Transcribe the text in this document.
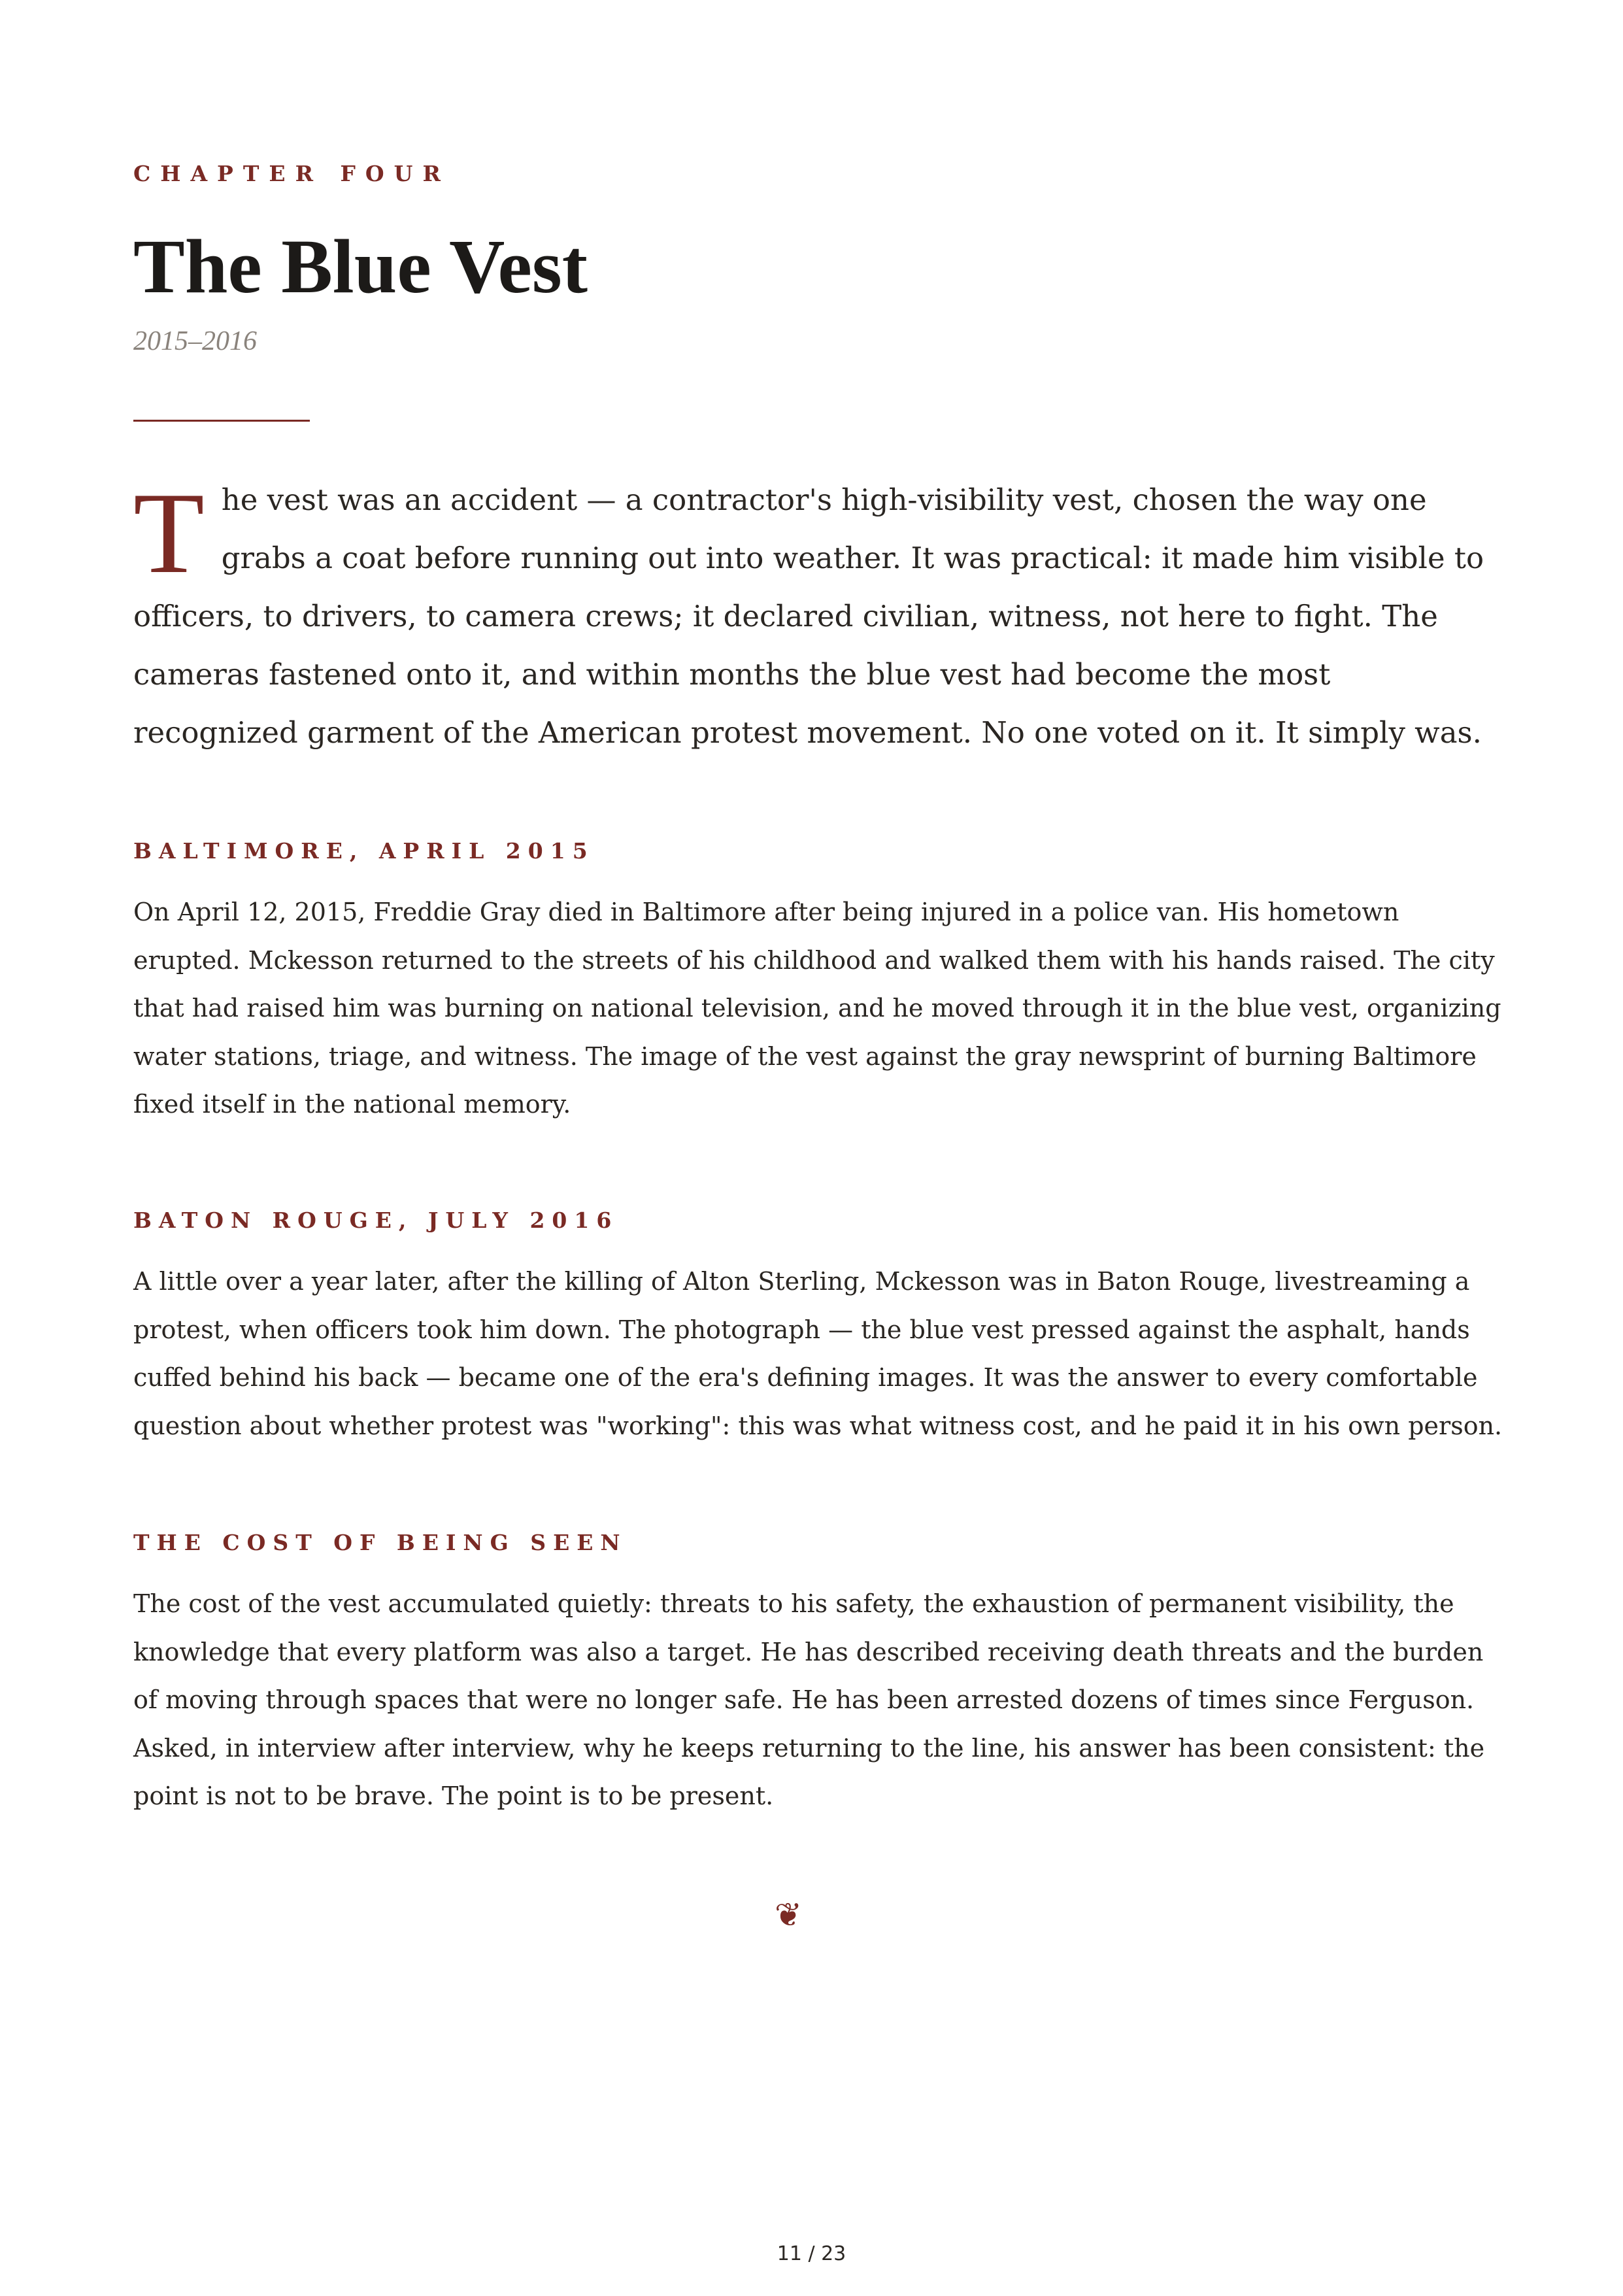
CHAPTER FOUR
The Blue Vest
2015–2016

T he vest was an accident — a contractor's high-visibility vest, chosen the way one grabs a coat before running out into weather. It was practical: it made him visible to officers, to drivers, to camera crews; it declared civilian, witness, not here to fight. The cameras fastened onto it, and within months the blue vest had become the most recognized garment of the American protest movement. No one voted on it. It simply was.

BALTIMORE, APRIL 2015

On April 12, 2015, Freddie Gray died in Baltimore after being injured in a police van. His hometown erupted. Mckesson returned to the streets of his childhood and walked them with his hands raised. The city that had raised him was burning on national television, and he moved through it in the blue vest, organizing water stations, triage, and witness. The image of the vest against the gray newsprint of burning Baltimore fixed itself in the national memory.

BATON ROUGE, JULY 2016

A little over a year later, after the killing of Alton Sterling, Mckesson was in Baton Rouge, livestreaming a protest, when officers took him down. The photograph — the blue vest pressed against the asphalt, hands cuffed behind his back — became one of the era's defining images. It was the answer to every comfortable question about whether protest was "working": this was what witness cost, and he paid it in his own person.

THE COST OF BEING SEEN

The cost of the vest accumulated quietly: threats to his safety, the exhaustion of permanent visibility, the knowledge that every platform was also a target. He has described receiving death threats and the burden of moving through spaces that were no longer safe. He has been arrested dozens of times since Ferguson. Asked, in interview after interview, why he keeps returning to the line, his answer has been consistent: the point is not to be brave. The point is to be present.

❦
11 / 23
